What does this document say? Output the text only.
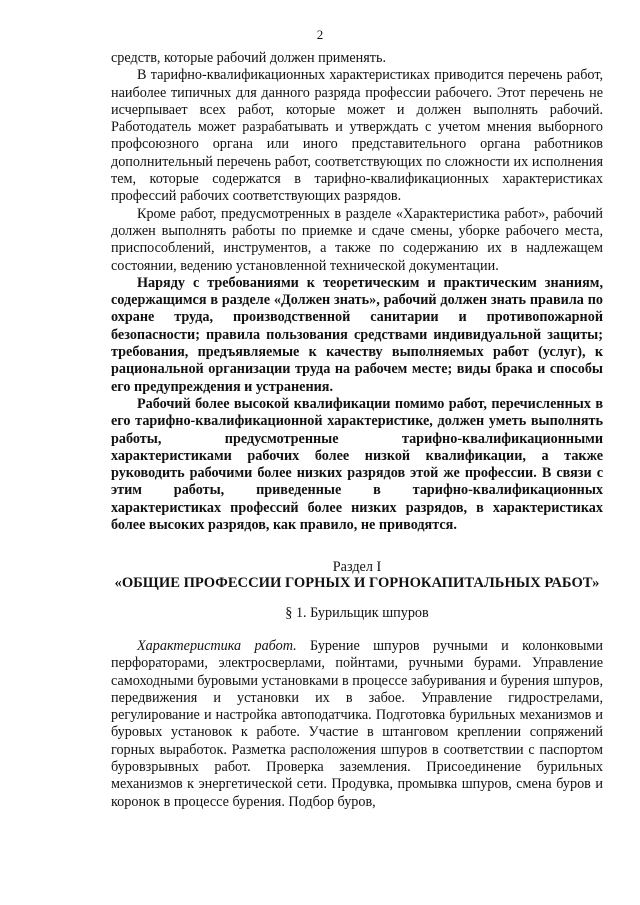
2

средств, которые рабочий должен применять.

В тарифно-квалификационных характеристиках приводится перечень работ, наиболее типичных для данного разряда профессии рабочего. Этот перечень не исчерпывает всех работ, которые может и должен выполнять рабочий. Работодатель может разрабатывать и утверждать с учетом мнения выборного профсоюзного органа или иного представительного органа работников дополнительный перечень работ, соответствующих по сложности их исполнения тем, которые содержатся в тарифно-квалификационных характеристиках профессий рабочих соответствующих разрядов.

Кроме работ, предусмотренных в разделе «Характеристика работ», рабочий должен выполнять работы по приемке и сдаче смены, уборке рабочего места, приспособлений, инструментов, а также по содержанию их в надлежащем состоянии, ведению установленной технической документации.

Наряду с требованиями к теоретическим и практическим знаниям, содержащимся в разделе «Должен знать», рабочий должен знать правила по охране труда, производственной санитарии и противопожарной безопасности; правила пользования средствами индивидуальной защиты; требования, предъявляемые к качеству выполняемых работ (услуг), к рациональной организации труда на рабочем месте; виды брака и способы его предупреждения и устранения.

Рабочий более высокой квалификации помимо работ, перечисленных в его тарифно-квалификационной характеристике, должен уметь выполнять работы, предусмотренные тарифно-квалификационными характеристиками рабочих более низкой квалификации, а также руководить рабочими более низких разрядов этой же профессии. В связи с этим работы, приведенные в тарифно-квалификационных характеристиках профессий более низких разрядов, в характеристиках более высоких разрядов, как правило, не приводятся.

Раздел I
«ОБЩИЕ ПРОФЕССИИ ГОРНЫХ И ГОРНОКАПИТАЛЬНЫХ РАБОТ»
§ 1. Бурильщик шпуров

Характеристика работ. Бурение шпуров ручными и колонковыми перфораторами, электросверлами, пойнтами, ручными бурами. Управление самоходными буровыми установками в процессе забуривания и бурения шпуров, передвижения и установки их в забое. Управление гидрострелами, регулирование и настройка автоподатчика. Подготовка бурильных механизмов и буровых установок к работе. Участие в штанговом креплении сопряжений горных выработок. Разметка расположения шпуров в соответствии с паспортом буровзрывных работ. Проверка заземления. Присоединение бурильных механизмов к энергетической сети. Продувка, промывка шпуров, смена буров и коронок в процессе бурения. Подбор буров,
